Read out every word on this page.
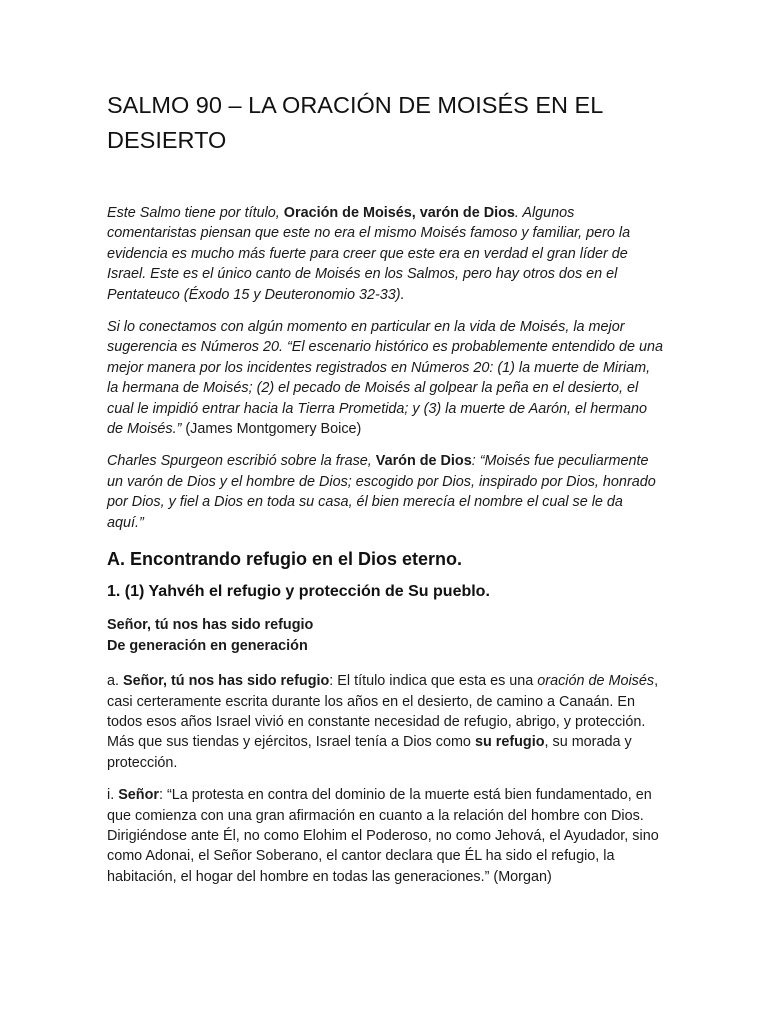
SALMO 90 – LA ORACIÓN DE MOISÉS EN EL DESIERTO

Este Salmo tiene por título, Oración de Moisés, varón de Dios. Algunos comentaristas piensan que este no era el mismo Moisés famoso y familiar, pero la evidencia es mucho más fuerte para creer que este era en verdad el gran líder de Israel. Este es el único canto de Moisés en los Salmos, pero hay otros dos en el Pentateuco (Éxodo 15 y Deuteronomio 32-33).

Si lo conectamos con algún momento en particular en la vida de Moisés, la mejor sugerencia es Números 20. “El escenario histórico es probablemente entendido de una mejor manera por los incidentes registrados en Números 20: (1) la muerte de Miriam, la hermana de Moisés; (2) el pecado de Moisés al golpear la peña en el desierto, el cual le impidió entrar hacia la Tierra Prometida; y (3) la muerte de Aarón, el hermano de Moisés.” (James Montgomery Boice)

Charles Spurgeon escribió sobre la frase, Varón de Dios: “Moisés fue peculiarmente un varón de Dios y el hombre de Dios; escogido por Dios, inspirado por Dios, honrado por Dios, y fiel a Dios en toda su casa, él bien merecía el nombre el cual se le da aquí.”

A. Encontrando refugio en el Dios eterno.
1. (1) Yahvéh el refugio y protección de Su pueblo.
Señor, tú nos has sido refugio
De generación en generación

a. Señor, tú nos has sido refugio: El título indica que esta es una oración de Moisés, casi certeramente escrita durante los años en el desierto, de camino a Canaán. En todos esos años Israel vivió en constante necesidad de refugio, abrigo, y protección. Más que sus tiendas y ejércitos, Israel tenía a Dios como su refugio, su morada y protección.

i. Señor: “La protesta en contra del dominio de la muerte está bien fundamentado, en que comienza con una gran afirmación en cuanto a la relación del hombre con Dios. Dirigiéndose ante Él, no como Elohim el Poderoso, no como Jehová, el Ayudador, sino como Adonai, el Señor Soberano, el cantor declara que ÉL ha sido el refugio, la habitación, el hogar del hombre en todas las generaciones.” (Morgan)
